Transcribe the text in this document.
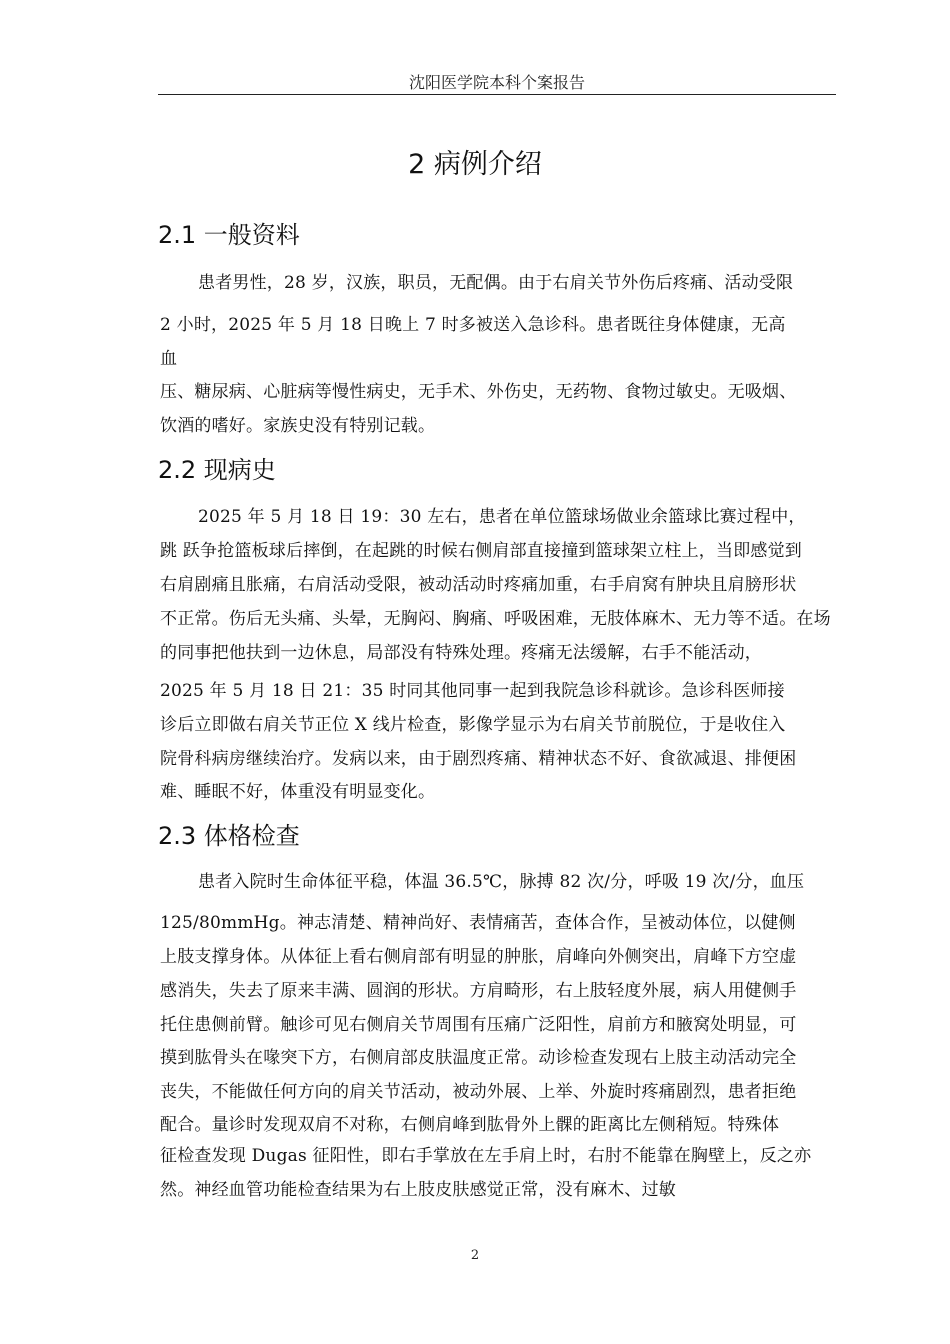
沈阳医学院本科个案报告
2 病例介绍
2.1 一般资料
患者男性，28 岁，汉族，职员，无配偶。由于右肩关节外伤后疼痛、活动受限
2 小时，2025 年 5 月 18 日晚上 7 时多被送入急诊科。患者既往身体健康，无高
血
压、糖尿病、心脏病等慢性病史，无手术、外伤史，无药物、食物过敏史。无吸烟、
饮酒的嗜好。家族史没有特别记载。
2.2 现病史
2025 年 5 月 18 日 19：30 左右，患者在单位篮球场做业余篮球比赛过程中，
跳 跃争抢篮板球后摔倒，在起跳的时候右侧肩部直接撞到篮球架立柱上，当即感觉到
右肩剧痛且胀痛，右肩活动受限，被动活动时疼痛加重，右手肩窝有肿块且肩膀形状
不正常。伤后无头痛、头晕，无胸闷、胸痛、呼吸困难，无肢体麻木、无力等不适。在场
的同事把他扶到一边休息，局部没有特殊处理。疼痛无法缓解，右手不能活动，
2025 年 5 月 18 日 21：35 时同其他同事一起到我院急诊科就诊。急诊科医师接
诊后立即做右肩关节正位 X 线片检查，影像学显示为右肩关节前脱位，于是收住入
院骨科病房继续治疗。发病以来，由于剧烈疼痛、精神状态不好、食欲减退、排便困
难、睡眠不好，体重没有明显变化。
2.3 体格检查
患者入院时生命体征平稳，体温 36.5℃，脉搏 82 次/分，呼吸 19 次/分，血压
125/80mmHg。神志清楚、精神尚好、表情痛苦，查体合作，呈被动体位，以健侧
上肢支撑身体。从体征上看右侧肩部有明显的肿胀，肩峰向外侧突出，肩峰下方空虚
感消失，失去了原来丰满、圆润的形状。方肩畸形，右上肢轻度外展，病人用健侧手
托住患侧前臂。触诊可见右侧肩关节周围有压痛广泛阳性，肩前方和腋窝处明显，可
摸到肱骨头在喙突下方，右侧肩部皮肤温度正常。动诊检查发现右上肢主动活动完全
丧失，不能做任何方向的肩关节活动，被动外展、上举、外旋时疼痛剧烈，患者拒绝
配合。量诊时发现双肩不对称，右侧肩峰到肱骨外上髁的距离比左侧稍短。特殊体
征检查发现 Dugas 征阳性，即右手掌放在左手肩上时，右肘不能靠在胸壁上，反之亦
然。神经血管功能检查结果为右上肢皮肤感觉正常，没有麻木、过敏
2
